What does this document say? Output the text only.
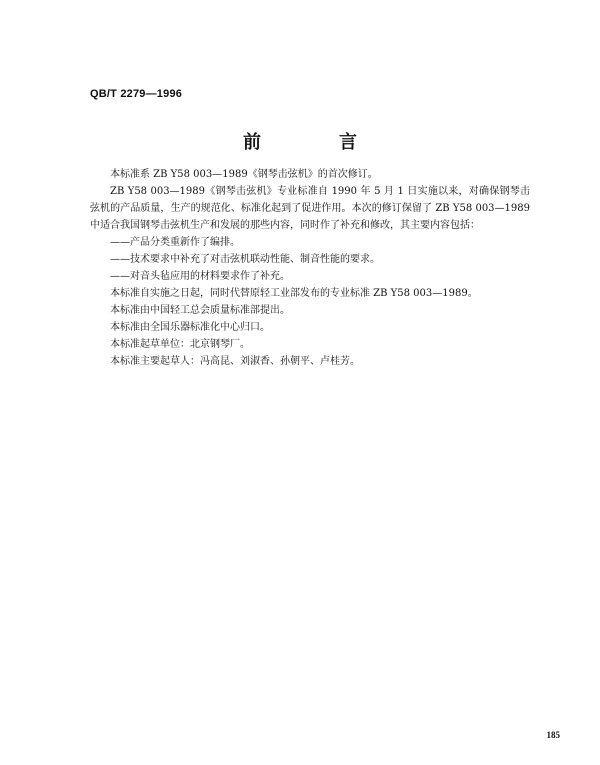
QB/T 2279—1996
前　言

本标准系 ZB Y58 003—1989《钢琴击弦机》的首次修订。

ZB Y58 003—1989《钢琴击弦机》专业标准自 1990 年 5 月 1 日实施以来，对确保钢琴击弦机的产品质量，生产的规范化、标准化起到了促进作用。本次的修订保留了 ZB Y58 003—1989 中适合我国钢琴击弦机生产和发展的那些内容，同时作了补充和修改，其主要内容包括：

——产品分类重新作了编排。

——技术要求中补充了对击弦机联动性能、制音性能的要求。

——对音头毡应用的材料要求作了补充。

本标准自实施之日起，同时代替原轻工业部发布的专业标准 ZB Y58 003—1989。

本标准由中国轻工总会质量标准部提出。

本标准由全国乐器标准化中心归口。

本标准起草单位：北京钢琴厂。

本标准主要起草人：冯高昆、刘淑香、孙朝平、卢桂芳。

185
